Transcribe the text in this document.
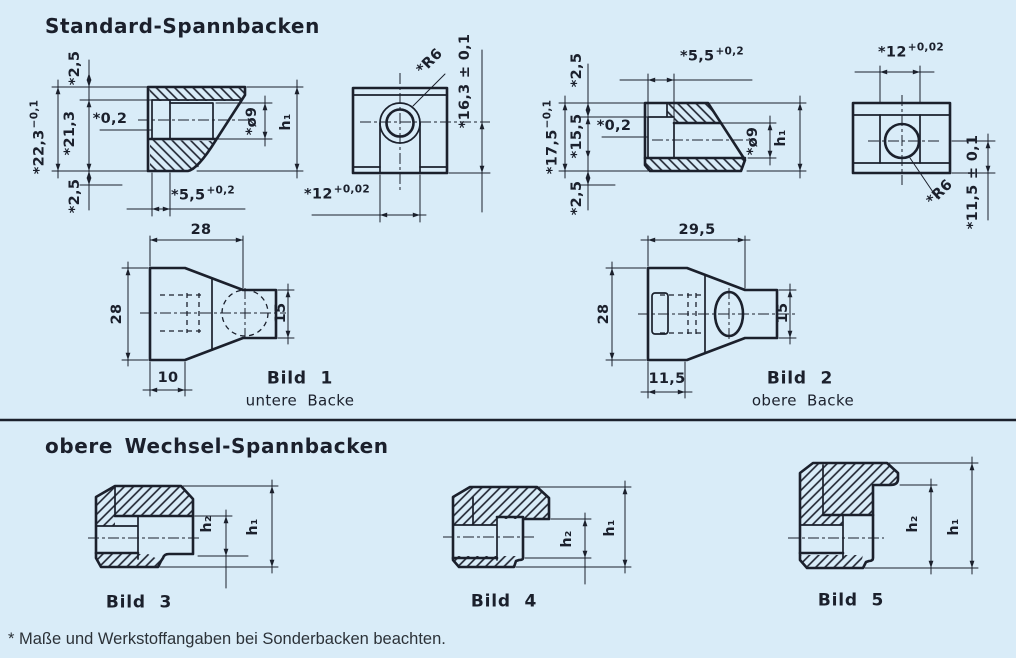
Standard-Spannbacken
obere Wechsel-Spannbacken
*2,5
$*22,3^{-0,1}$	*21,3 *0,2
*2,5	$*5,5^{+0,2}$
*ø9 h₁
*R6 *16,3 ± 0,1
$*12^{+0,02}$
$*5,5^{+0,2}$
*2,5
$*17,5^{-0,1}$	*15,5 *0,2
*2,5
*ø9 h₁
$*12^{+0,02}$
*R6 *11,5 ± 0,1
28
28	15
10	Bild 1
untere Backe
29,5
28	15
11,5	Bild 2
obere Backe
h₂ h₁
Bild 3
h₂
h₁
Bild 4
h₂ h₁
Bild 5
* Maße und Werkstoffangaben bei Sonderbacken beachten.
